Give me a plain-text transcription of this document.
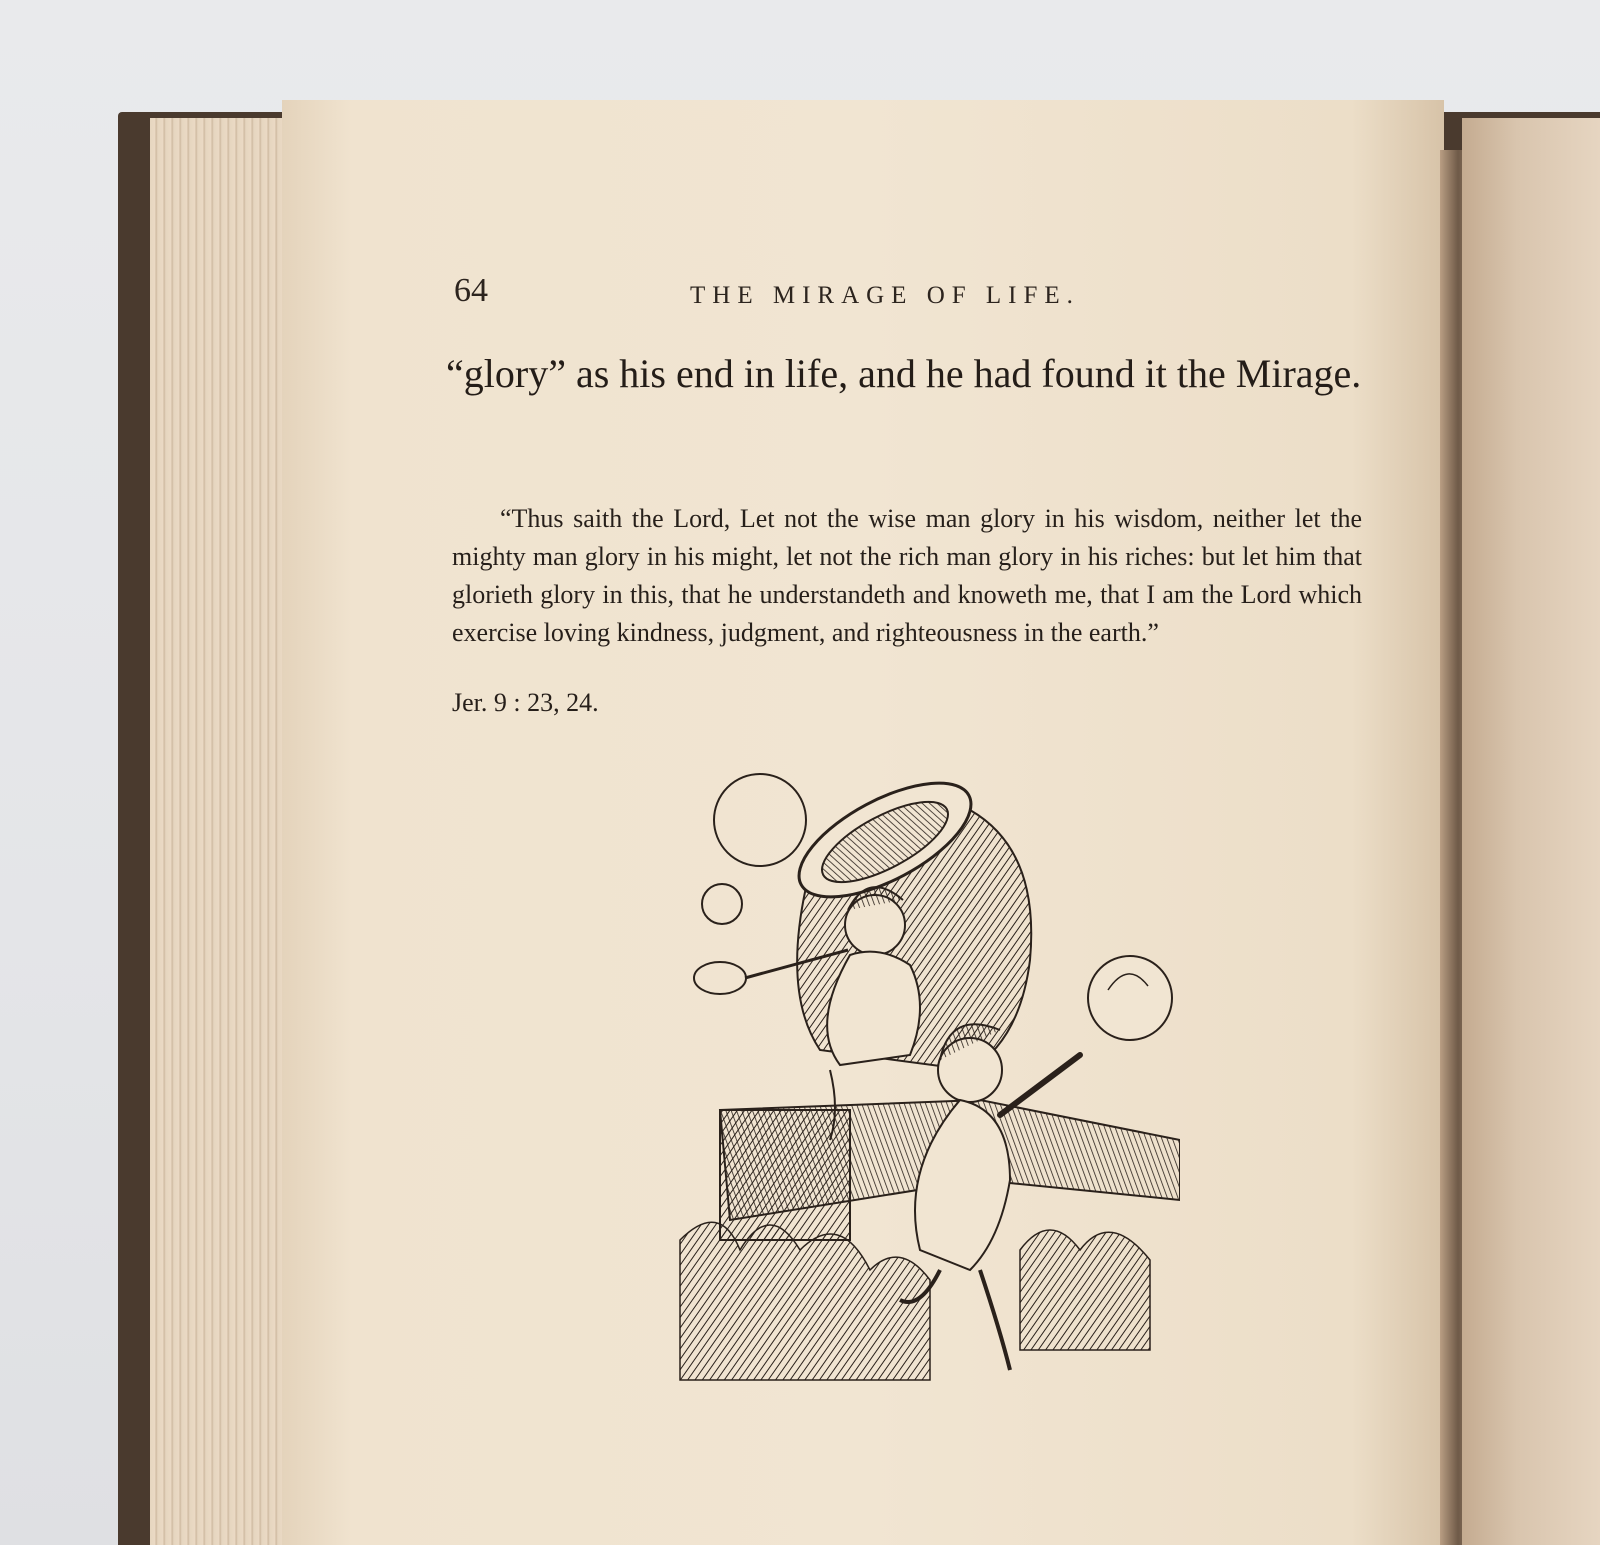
64	THE MIRAGE OF LIFE.

“glory” as his end in life, and he had found it the Mirage.

“Thus saith the Lord, Let not the wise man glory in his wisdom, neither let the mighty man glory in his might, let not the rich man glory in his riches: but let him that glorieth glory in this, that he understandeth and knoweth me, that I am the Lord which exercise loving kindness, judgment, and righteousness in the earth.”

Jer. 9 : 23, 24.
